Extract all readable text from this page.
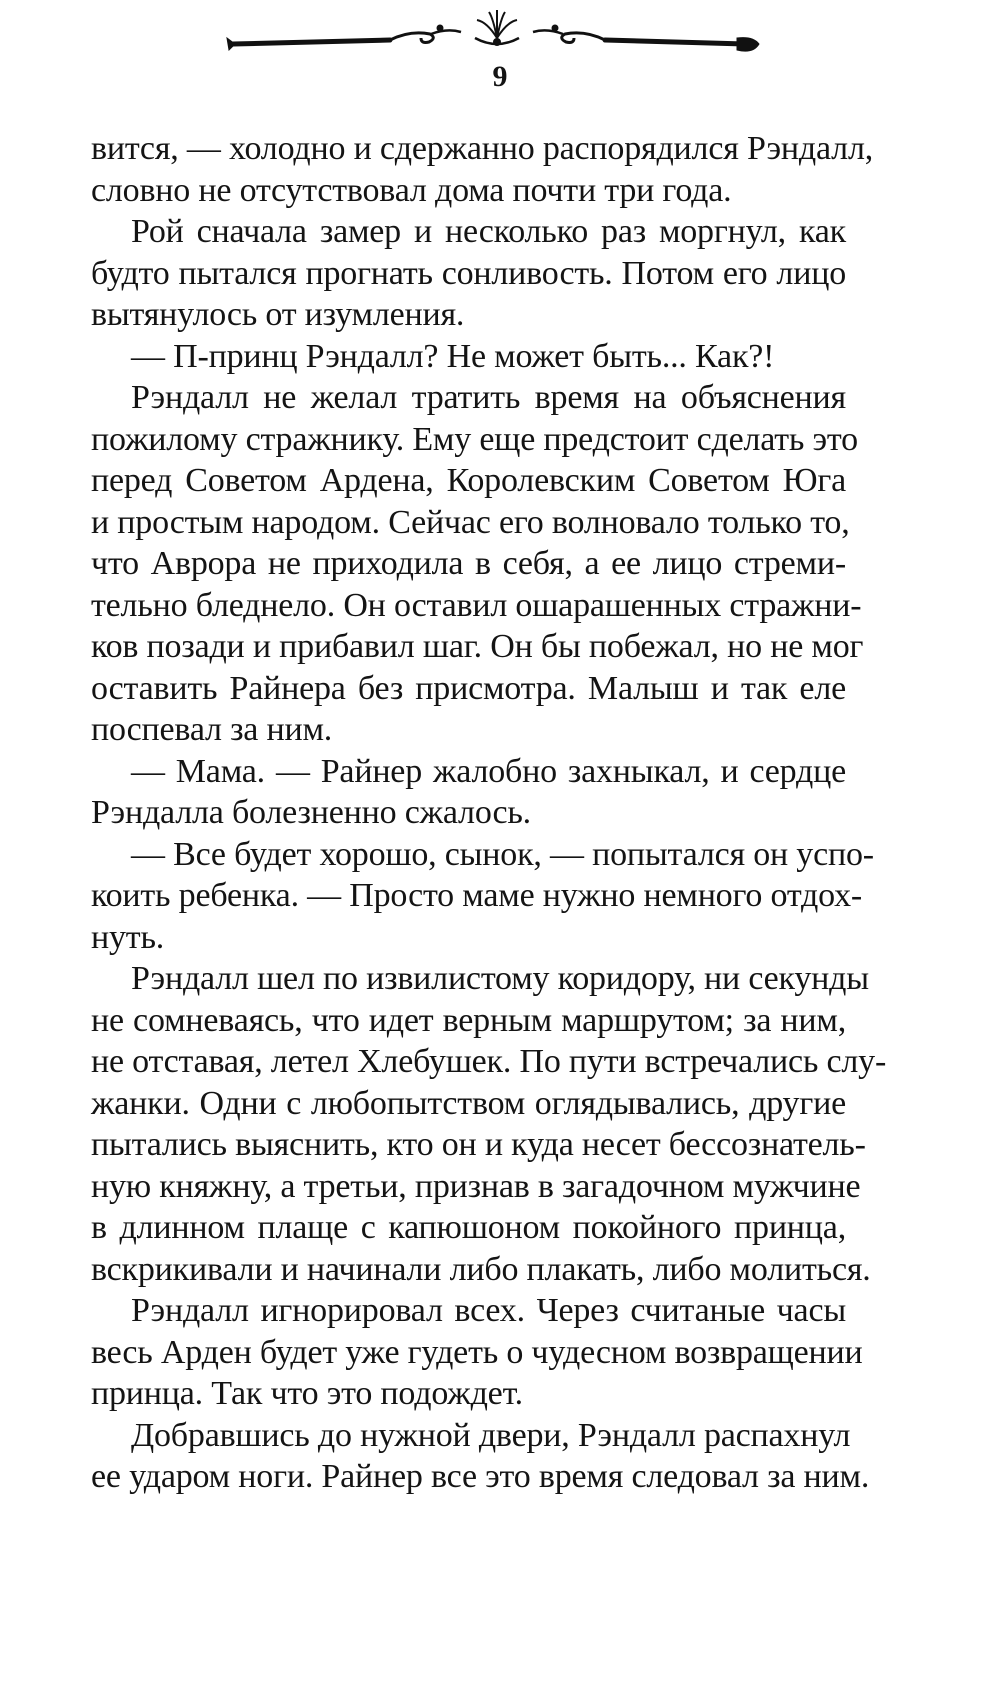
9
вится, — холодно и сдержанно распорядился Рэндалл,
словно не отсутствовал дома почти три года.
Рой сначала замер и несколько раз моргнул, как
будто пытался прогнать сонливость. Потом его лицо
вытянулось от изумления.
— П-принц Рэндалл? Не может быть... Как?!
Рэндалл не желал тратить время на объяснения
пожилому стражнику. Ему еще предстоит сделать это
перед Советом Ардена, Королевским Советом Юга
и простым народом. Сейчас его волновало только то,
что Аврора не приходила в себя, а ее лицо стреми-
тельно бледнело. Он оставил ошарашенных стражни-
ков позади и прибавил шаг. Он бы побежал, но не мог
оставить Райнера без присмотра. Малыш и так еле
поспевал за ним.
— Мама. — Райнер жалобно захныкал, и сердце
Рэндалла болезненно сжалось.
— Все будет хорошо, сынок, — попытался он успо-
коить ребенка. — Просто маме нужно немного отдох-
нуть.
Рэндалл шел по извилистому коридору, ни секунды
не сомневаясь, что идет верным маршрутом; за ним,
не отставая, летел Хлебушек. По пути встречались слу-
жанки. Одни с любопытством оглядывались, другие
пытались выяснить, кто он и куда несет бессознатель-
ную княжну, а третьи, признав в загадочном мужчине
в длинном плаще с капюшоном покойного принца,
вскрикивали и начинали либо плакать, либо молиться.
Рэндалл игнорировал всех. Через считаные часы
весь Арден будет уже гудеть о чудесном возвращении
принца. Так что это подождет.
Добравшись до нужной двери, Рэндалл распахнул
ее ударом ноги. Райнер все это время следовал за ним.
